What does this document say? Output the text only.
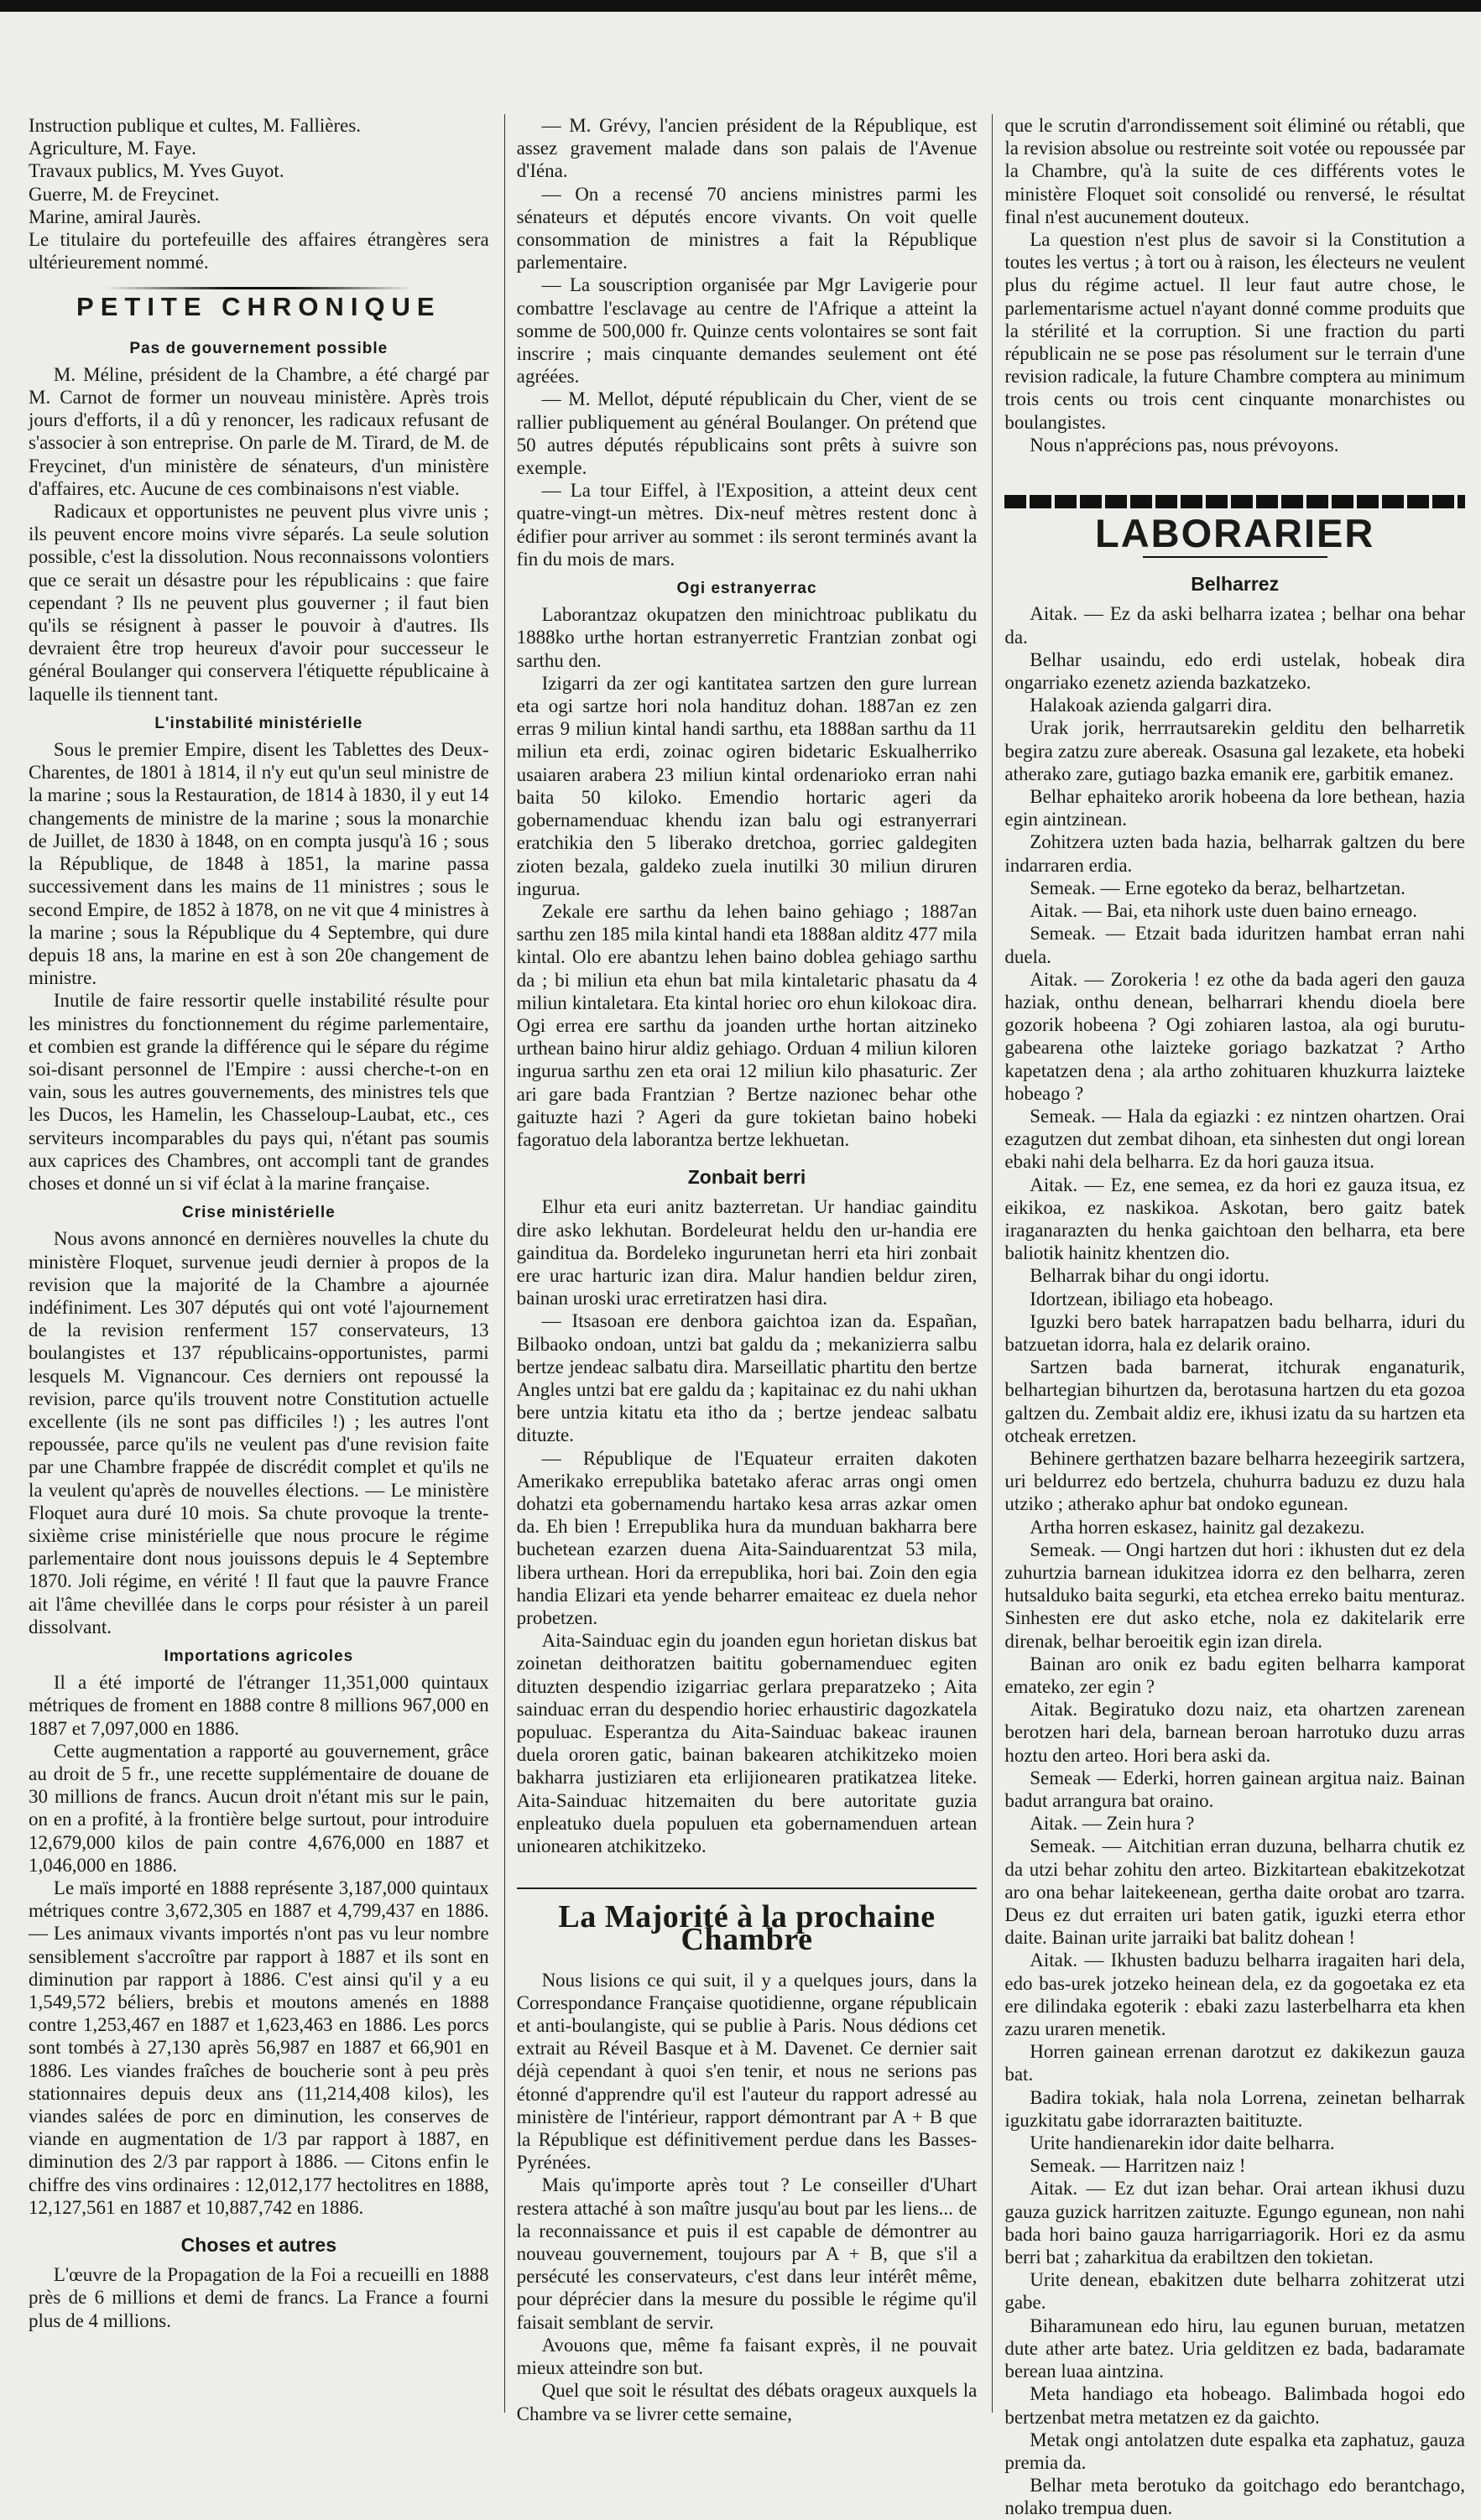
Instruction publique et cultes, M. Fallières.

Agriculture, M. Faye.

Travaux publics, M. Yves Guyot.

Guerre, M. de Freycinet.

Marine, amiral Jaurès.

Le titulaire du portefeuille des affaires étrangères sera ultérieurement nommé.

PETITE CHRONIQUE
Pas de gouvernement possible

M. Méline, président de la Chambre, a été chargé par M. Carnot de former un nouveau ministère. Après trois jours d'efforts, il a dû y renoncer, les radicaux refusant de s'associer à son entreprise. On parle de M. Tirard, de M. de Freycinet, d'un ministère de sénateurs, d'un ministère d'affaires, etc. Aucune de ces combinaisons n'est viable.

Radicaux et opportunistes ne peuvent plus vivre unis ; ils peuvent encore moins vivre séparés. La seule solution possible, c'est la dissolution. Nous reconnaissons volontiers que ce serait un désastre pour les républicains : que faire cependant ? Ils ne peuvent plus gouverner ; il faut bien qu'ils se résignent à passer le pouvoir à d'autres. Ils devraient être trop heureux d'avoir pour successeur le général Boulanger qui conservera l'étiquette républicaine à laquelle ils tiennent tant.

L'instabilité ministérielle

Sous le premier Empire, disent les Tablettes des Deux-Charentes, de 1801 à 1814, il n'y eut qu'un seul ministre de la marine ; sous la Restauration, de 1814 à 1830, il y eut 14 changements de ministre de la marine ; sous la monarchie de Juillet, de 1830 à 1848, on en compta jusqu'à 16 ; sous la République, de 1848 à 1851, la marine passa successivement dans les mains de 11 ministres ; sous le second Empire, de 1852 à 1878, on ne vit que 4 ministres à la marine ; sous la République du 4 Septembre, qui dure depuis 18 ans, la marine en est à son 20e changement de ministre.

Inutile de faire ressortir quelle instabilité résulte pour les ministres du fonctionnement du régime parlementaire, et combien est grande la différence qui le sépare du régime soi-disant personnel de l'Empire : aussi cherche-t-on en vain, sous les autres gouvernements, des ministres tels que les Ducos, les Hamelin, les Chasseloup-Laubat, etc., ces serviteurs incomparables du pays qui, n'étant pas soumis aux caprices des Chambres, ont accompli tant de grandes choses et donné un si vif éclat à la marine française.

Crise ministérielle

Nous avons annoncé en dernières nouvelles la chute du ministère Floquet, survenue jeudi dernier à propos de la revision que la majorité de la Chambre a ajournée indéfiniment. Les 307 députés qui ont voté l'ajournement de la revision renferment 157 conservateurs, 13 boulangistes et 137 républicains-opportunistes, parmi lesquels M. Vignancour. Ces derniers ont repoussé la revision, parce qu'ils trouvent notre Constitution actuelle excellente (ils ne sont pas difficiles !) ; les autres l'ont repoussée, parce qu'ils ne veulent pas d'une revision faite par une Chambre frappée de discrédit complet et qu'ils ne la veulent qu'après de nouvelles élections. — Le ministère Floquet aura duré 10 mois. Sa chute provoque la trente-sixième crise ministérielle que nous procure le régime parlementaire dont nous jouissons depuis le 4 Septembre 1870. Joli régime, en vérité ! Il faut que la pauvre France ait l'âme chevillée dans le corps pour résister à un pareil dissolvant.

Importations agricoles

Il a été importé de l'étranger 11,351,000 quintaux métriques de froment en 1888 contre 8 millions 967,000 en 1887 et 7,097,000 en 1886.

Cette augmentation a rapporté au gouvernement, grâce au droit de 5 fr., une recette supplémentaire de douane de 30 millions de francs. Aucun droit n'étant mis sur le pain, on en a profité, à la frontière belge surtout, pour introduire 12,679,000 kilos de pain contre 4,676,000 en 1887 et 1,046,000 en 1886.

Le maïs importé en 1888 représente 3,187,000 quintaux métriques contre 3,672,305 en 1887 et 4,799,437 en 1886. — Les animaux vivants importés n'ont pas vu leur nombre sensiblement s'accroître par rapport à 1887 et ils sont en diminution par rapport à 1886. C'est ainsi qu'il y a eu 1,549,572 béliers, brebis et moutons amenés en 1888 contre 1,253,467 en 1887 et 1,623,463 en 1886. Les porcs sont tombés à 27,130 après 56,987 en 1887 et 66,901 en 1886. Les viandes fraîches de boucherie sont à peu près stationnaires depuis deux ans (11,214,408 kilos), les viandes salées de porc en diminution, les conserves de viande en augmentation de 1/3 par rapport à 1887, en diminution des 2/3 par rapport à 1886. — Citons enfin le chiffre des vins ordinaires : 12,012,177 hectolitres en 1888, 12,127,561 en 1887 et 10,887,742 en 1886.

Choses et autres

L'œuvre de la Propagation de la Foi a recueilli en 1888 près de 6 millions et demi de francs. La France a fourni plus de 4 millions.

— M. Grévy, l'ancien président de la République, est assez gravement malade dans son palais de l'Avenue d'Iéna.

— On a recensé 70 anciens ministres parmi les sénateurs et députés encore vivants. On voit quelle consommation de ministres a fait la République parlementaire.

— La souscription organisée par Mgr Lavigerie pour combattre l'esclavage au centre de l'Afrique a atteint la somme de 500,000 fr. Quinze cents volontaires se sont fait inscrire ; mais cinquante demandes seulement ont été agréées.

— M. Mellot, député républicain du Cher, vient de se rallier publiquement au général Boulanger. On prétend que 50 autres députés républicains sont prêts à suivre son exemple.

— La tour Eiffel, à l'Exposition, a atteint deux cent quatre-vingt-un mètres. Dix-neuf mètres restent donc à édifier pour arriver au sommet : ils seront terminés avant la fin du mois de mars.

Ogi estranyerrac

Laborantzaz okupatzen den minichtroac publikatu du 1888ko urthe hortan estranyerretic Frantzian zonbat ogi sarthu den.

Izigarri da zer ogi kantitatea sartzen den gure lurrean eta ogi sartze hori nola handituz dohan. 1887an ez zen erras 9 miliun kintal handi sarthu, eta 1888an sarthu da 11 miliun eta erdi, zoinac ogiren bidetaric Eskualherriko usaiaren arabera 23 miliun kintal ordenarioko erran nahi baita 50 kiloko. Emendio hortaric ageri da gobernamenduac khendu izan balu ogi estranyerrari eratchikia den 5 liberako dretchoa, gorriec galdegiten zioten bezala, galdeko zuela inutilki 30 miliun diruren ingurua.

Zekale ere sarthu da lehen baino gehiago ; 1887an sarthu zen 185 mila kintal handi eta 1888an alditz 477 mila kintal. Olo ere abantzu lehen baino doblea gehiago sarthu da ; bi miliun eta ehun bat mila kintaletaric phasatu da 4 miliun kintaletara. Eta kintal horiec oro ehun kilokoac dira. Ogi errea ere sarthu da joanden urthe hortan aitzineko urthean baino hirur aldiz gehiago. Orduan 4 miliun kiloren ingurua sarthu zen eta orai 12 miliun kilo phasaturic. Zer ari gare bada Frantzian ? Bertze nazionec behar othe gaituzte hazi ? Ageri da gure tokietan baino hobeki fagoratuo dela laborantza bertze lekhuetan.

Zonbait berri

Elhur eta euri anitz bazterretan. Ur handiac gainditu dire asko lekhutan. Bordeleurat heldu den ur-handia ere gainditua da. Bordeleko ingurunetan herri eta hiri zonbait ere urac harturic izan dira. Malur handien beldur ziren, bainan uroski urac erretiratzen hasi dira.

— Itsasoan ere denbora gaichtoa izan da. Españan, Bilbaoko ondoan, untzi bat galdu da ; mekanizierra salbu bertze jendeac salbatu dira. Marseillatic phartitu den bertze Angles untzi bat ere galdu da ; kapitainac ez du nahi ukhan bere untzia kitatu eta itho da ; bertze jendeac salbatu dituzte.

— République de l'Equateur erraiten dakoten Amerikako errepublika batetako aferac arras ongi omen dohatzi eta gobernamendu hartako kesa arras azkar omen da. Eh bien ! Errepublika hura da munduan bakharra bere buchetean ezarzen duena Aita-Sainduarentzat 53 mila, libera urthean. Hori da errepublika, hori bai. Zoin den egia handia Elizari eta yende beharrer emaiteac ez duela nehor probetzen.

Aita-Sainduac egin du joanden egun horietan diskus bat zoinetan deithoratzen baititu gobernamenduec egiten dituzten despendio izigarriac gerlara preparatzeko ; Aita sainduac erran du despendio horiec erhaustiric dagozkatela populuac. Esperantza du Aita-Sainduac bakeac iraunen duela ororen gatic, bainan bakearen atchikitzeko moien bakharra justiziaren eta erlijionearen pratikatzea liteke. Aita-Sainduac hitzemaiten du bere autoritate guzia enpleatuko duela populuen eta gobernamenduen artean unionearen atchikitzeko.

La Majorité à la prochaine Chambre

Nous lisions ce qui suit, il y a quelques jours, dans la Correspondance Française quotidienne, organe républicain et anti-boulangiste, qui se publie à Paris. Nous dédions cet extrait au Réveil Basque et à M. Davenet. Ce dernier sait déjà cependant à quoi s'en tenir, et nous ne serions pas étonné d'apprendre qu'il est l'auteur du rapport adressé au ministère de l'intérieur, rapport démontrant par A + B que la République est définitivement perdue dans les Basses-Pyrénées.

Mais qu'importe après tout ? Le conseiller d'Uhart restera attaché à son maître jusqu'au bout par les liens... de la reconnaissance et puis il est capable de démontrer au nouveau gouvernement, toujours par A + B, que s'il a persécuté les conservateurs, c'est dans leur intérêt même, pour déprécier dans la mesure du possible le régime qu'il faisait semblant de servir.

Avouons que, même fa faisant exprès, il ne pouvait mieux atteindre son but.

Quel que soit le résultat des débats orageux auxquels la Chambre va se livrer cette semaine,

que le scrutin d'arrondissement soit éliminé ou rétabli, que la revision absolue ou restreinte soit votée ou repoussée par la Chambre, qu'à la suite de ces différents votes le ministère Floquet soit consolidé ou renversé, le résultat final n'est aucunement douteux.

La question n'est plus de savoir si la Constitution a toutes les vertus ; à tort ou à raison, les électeurs ne veulent plus du régime actuel. Il leur faut autre chose, le parlementarisme actuel n'ayant donné comme produits que la stérilité et la corruption. Si une fraction du parti républicain ne se pose pas résolument sur le terrain d'une revision radicale, la future Chambre comptera au minimum trois cents ou trois cent cinquante monarchistes ou boulangistes.

Nous n'apprécions pas, nous prévoyons.

LABORARIER
Belharrez

Aitak. — Ez da aski belharra izatea ; belhar ona behar da.

Belhar usaindu, edo erdi ustelak, hobeak dira ongarriako ezenetz azienda bazkatzeko.

Halakoak azienda galgarri dira.

Urak jorik, herrrautsarekin gelditu den belharretik begira zatzu zure abereak. Osasuna gal lezakete, eta hobeki atherako zare, gutiago bazka emanik ere, garbitik emanez.

Belhar ephaiteko arorik hobeena da lore bethean, hazia egin aintzinean.

Zohitzera uzten bada hazia, belharrak galtzen du bere indarraren erdia.

Semeak. — Erne egoteko da beraz, belhartzetan.

Aitak. — Bai, eta nihork uste duen baino erneago.

Semeak. — Etzait bada iduritzen hambat erran nahi duela.

Aitak. — Zorokeria ! ez othe da bada ageri den gauza haziak, onthu denean, belharrari khendu dioela bere gozorik hobeena ? Ogi zohiaren lastoa, ala ogi burutu-gabearena othe laizteke goriago bazkatzat ? Artho kapetatzen dena ; ala artho zohituaren khuzkurra laizteke hobeago ?

Semeak. — Hala da egiazki : ez nintzen ohartzen. Orai ezagutzen dut zembat dihoan, eta sinhesten dut ongi lorean ebaki nahi dela belharra. Ez da hori gauza itsua.

Aitak. — Ez, ene semea, ez da hori ez gauza itsua, ez eikikoa, ez naskikoa. Askotan, bero gaitz batek iraganarazten du henka gaichtoan den belharra, eta bere baliotik hainitz khentzen dio.

Belharrak bihar du ongi idortu.

Idortzean, ibiliago eta hobeago.

Iguzki bero batek harrapatzen badu belharra, iduri du batzuetan idorra, hala ez delarik oraino.

Sartzen bada barnerat, itchurak enganaturik, belhartegian bihurtzen da, berotasuna hartzen du eta gozoa galtzen du. Zembait aldiz ere, ikhusi izatu da su hartzen eta otcheak erretzen.

Behinere gerthatzen bazare belharra hezeegirik sartzera, uri beldurrez edo bertzela, chuhurra baduzu ez duzu hala utziko ; atherako aphur bat ondoko egunean.

Artha horren eskasez, hainitz gal dezakezu.

Semeak. — Ongi hartzen dut hori : ikhusten dut ez dela zuhurtzia barnean idukitzea idorra ez den belharra, zeren hutsalduko baita segurki, eta etchea erreko baitu menturaz. Sinhesten ere dut asko etche, nola ez dakitelarik erre direnak, belhar beroeitik egin izan direla.

Bainan aro onik ez badu egiten belharra kamporat emateko, zer egin ?

Aitak. Begiratuko dozu naiz, eta ohartzen zarenean berotzen hari dela, barnean beroan harrotuko duzu arras hoztu den arteo. Hori bera aski da.

Semeak — Ederki, horren gainean argitua naiz. Bainan badut arrangura bat oraino.

Aitak. — Zein hura ?

Semeak. — Aitchitian erran duzuna, belharra chutik ez da utzi behar zohitu den arteo. Bizkitartean ebakitzekotzat aro ona behar laitekeenean, gertha daite orobat aro tzarra. Deus ez dut erraiten uri baten gatik, iguzki eterra ethor daite. Bainan urite jarraiki bat balitz dohean !

Aitak. — Ikhusten baduzu belharra iragaiten hari dela, edo bas-urek jotzeko heinean dela, ez da gogoetaka ez eta ere dilindaka egoterik : ebaki zazu lasterbelharra eta khen zazu uraren menetik.

Horren gainean errenan darotzut ez dakikezun gauza bat.

Badira tokiak, hala nola Lorrena, zeinetan belharrak iguzkitatu gabe idorrarazten baitituzte.

Urite handienarekin idor daite belharra.

Semeak. — Harritzen naiz !

Aitak. — Ez dut izan behar. Orai artean ikhusi duzu gauza guzick harritzen zaituzte. Egungo egunean, non nahi bada hori baino gauza harrigarriagorik. Hori ez da asmu berri bat ; zaharkitua da erabiltzen den tokietan.

Urite denean, ebakitzen dute belharra zohitzerat utzi gabe.

Biharamunean edo hiru, lau egunen buruan, metatzen dute ather arte batez. Uria gelditzen ez bada, badaramate berean luaa aintzina.

Meta handiago eta hobeago. Balimbada hogoi edo bertzenbat metra metatzen ez da gaichto.

Metak ongi antolatzen dute espalka eta zaphatuz, gauza premia da.

Belhar meta berotuko da goitchago edo berantchago, nolako trempua duen.
